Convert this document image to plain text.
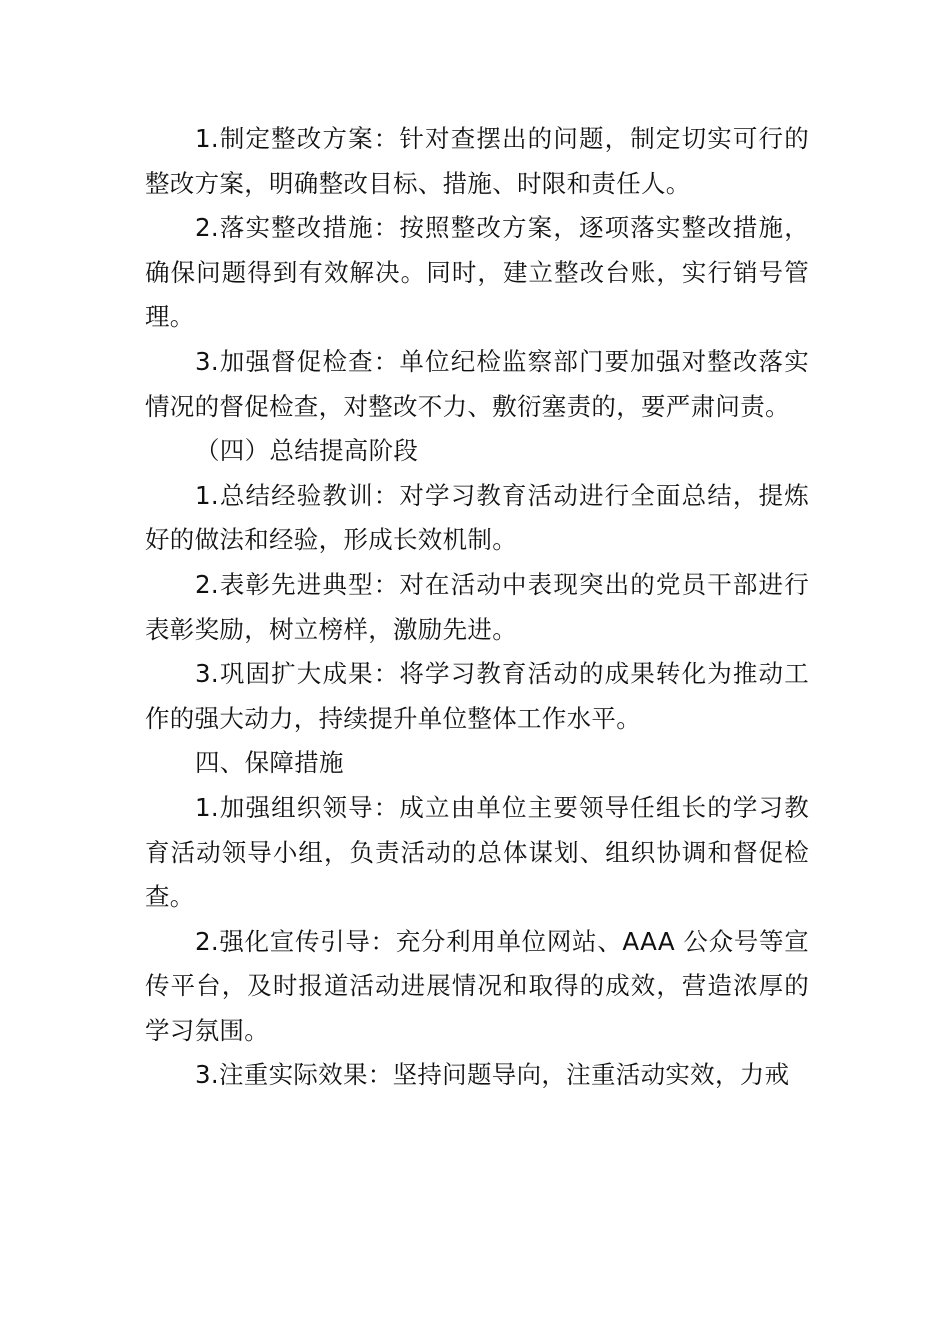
1.制定整改方案：针对查摆出的问题，制定切实可行的整改方案，明确整改目标、措施、时限和责任人。

2.落实整改措施：按照整改方案，逐项落实整改措施，确保问题得到有效解决。同时，建立整改台账，实行销号管理。

3.加强督促检查：单位纪检监察部门要加强对整改落实情况的督促检查，对整改不力、敷衍塞责的，要严肃问责。

（四）总结提高阶段

1.总结经验教训：对学习教育活动进行全面总结，提炼好的做法和经验，形成长效机制。

2.表彰先进典型：对在活动中表现突出的党员干部进行表彰奖励，树立榜样，激励先进。

3.巩固扩大成果：将学习教育活动的成果转化为推动工作的强大动力，持续提升单位整体工作水平。

四、保障措施

1.加强组织领导：成立由单位主要领导任组长的学习教育活动领导小组，负责活动的总体谋划、组织协调和督促检查。

2.强化宣传引导：充分利用单位网站、AAA 公众号等宣传平台，及时报道活动进展情况和取得的成效，营造浓厚的学习氛围。

3.注重实际效果：坚持问题导向，注重活动实效，力戒
